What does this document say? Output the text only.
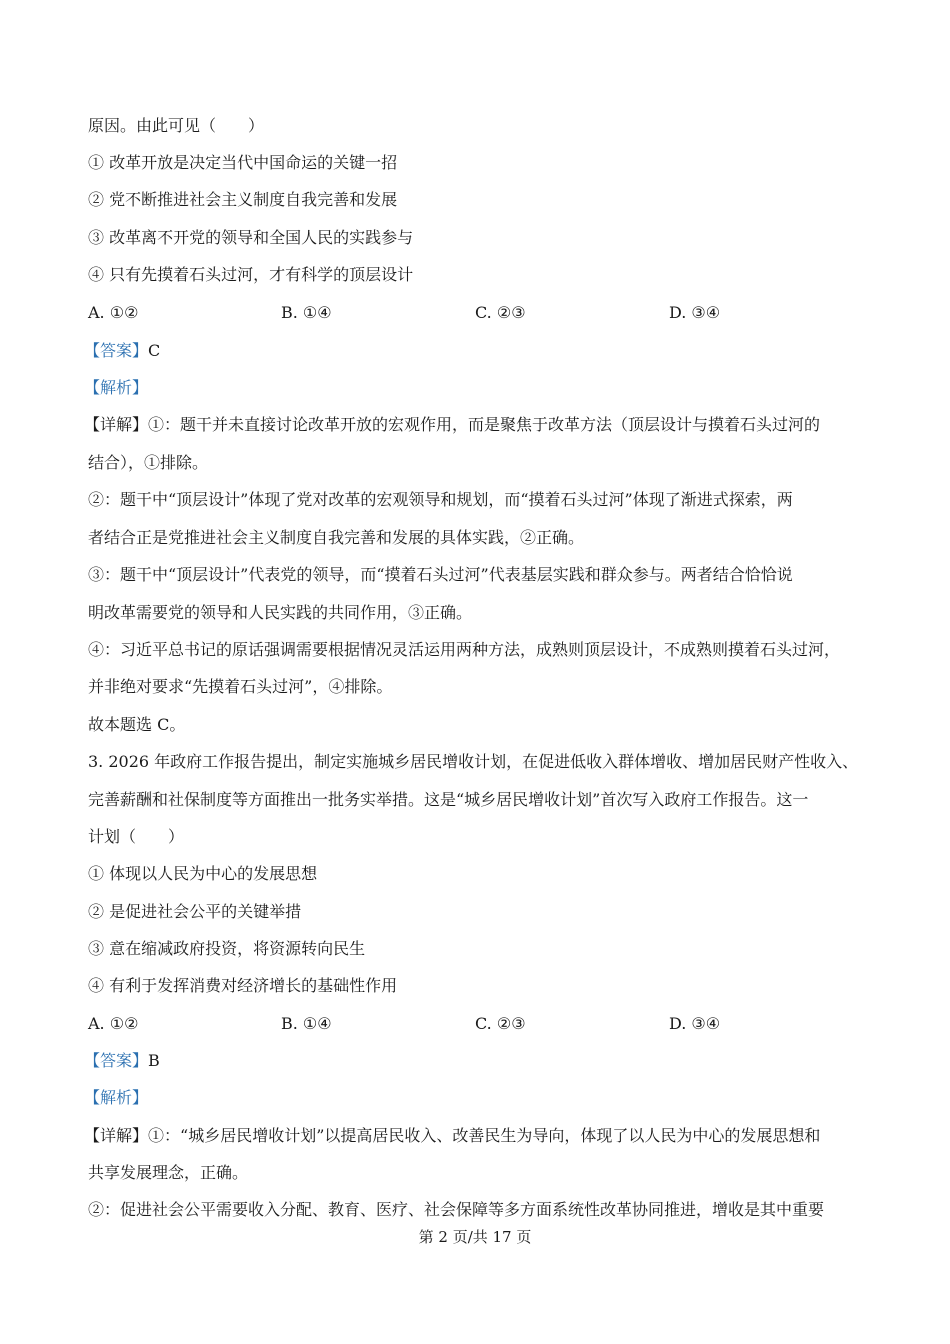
原因。由此可见（　　）
① 改革开放是决定当代中国命运的关键一招
② 党不断推进社会主义制度自我完善和发展
③ 改革离不开党的领导和全国人民的实践参与
④ 只有先摸着石头过河，才有科学的顶层设计
A. ①②	B. ①④	C. ②③	D. ③④
【答案】C
【解析】
【详解】①：题干并未直接讨论改革开放的宏观作用，而是聚焦于改革方法（顶层设计与摸着石头过河的
结合），①排除。
②：题干中“顶层设计”体现了党对改革的宏观领导和规划，而“摸着石头过河”体现了渐进式探索，两
者结合正是党推进社会主义制度自我完善和发展的具体实践，②正确。
③：题干中“顶层设计”代表党的领导，而“摸着石头过河”代表基层实践和群众参与。两者结合恰恰说
明改革需要党的领导和人民实践的共同作用，③正确。
④：习近平总书记的原话强调需要根据情况灵活运用两种方法，成熟则顶层设计，不成熟则摸着石头过河，
并非绝对要求“先摸着石头过河”，④排除。
故本题选 C。
3. 2026 年政府工作报告提出，制定实施城乡居民增收计划，在促进低收入群体增收、增加居民财产性收入、
完善薪酬和社保制度等方面推出一批务实举措。这是“城乡居民增收计划”首次写入政府工作报告。这一
计划（　　）
① 体现以人民为中心的发展思想
② 是促进社会公平的关键举措
③ 意在缩减政府投资，将资源转向民生
④ 有利于发挥消费对经济增长的基础性作用
A. ①②	B. ①④	C. ②③	D. ③④
【答案】B
【解析】
【详解】①：“城乡居民增收计划”以提高居民收入、改善民生为导向，体现了以人民为中心的发展思想和
共享发展理念，正确。
②：促进社会公平需要收入分配、教育、医疗、社会保障等多方面系统性改革协同推进，增收是其中重要
第 2 页/共 17 页
